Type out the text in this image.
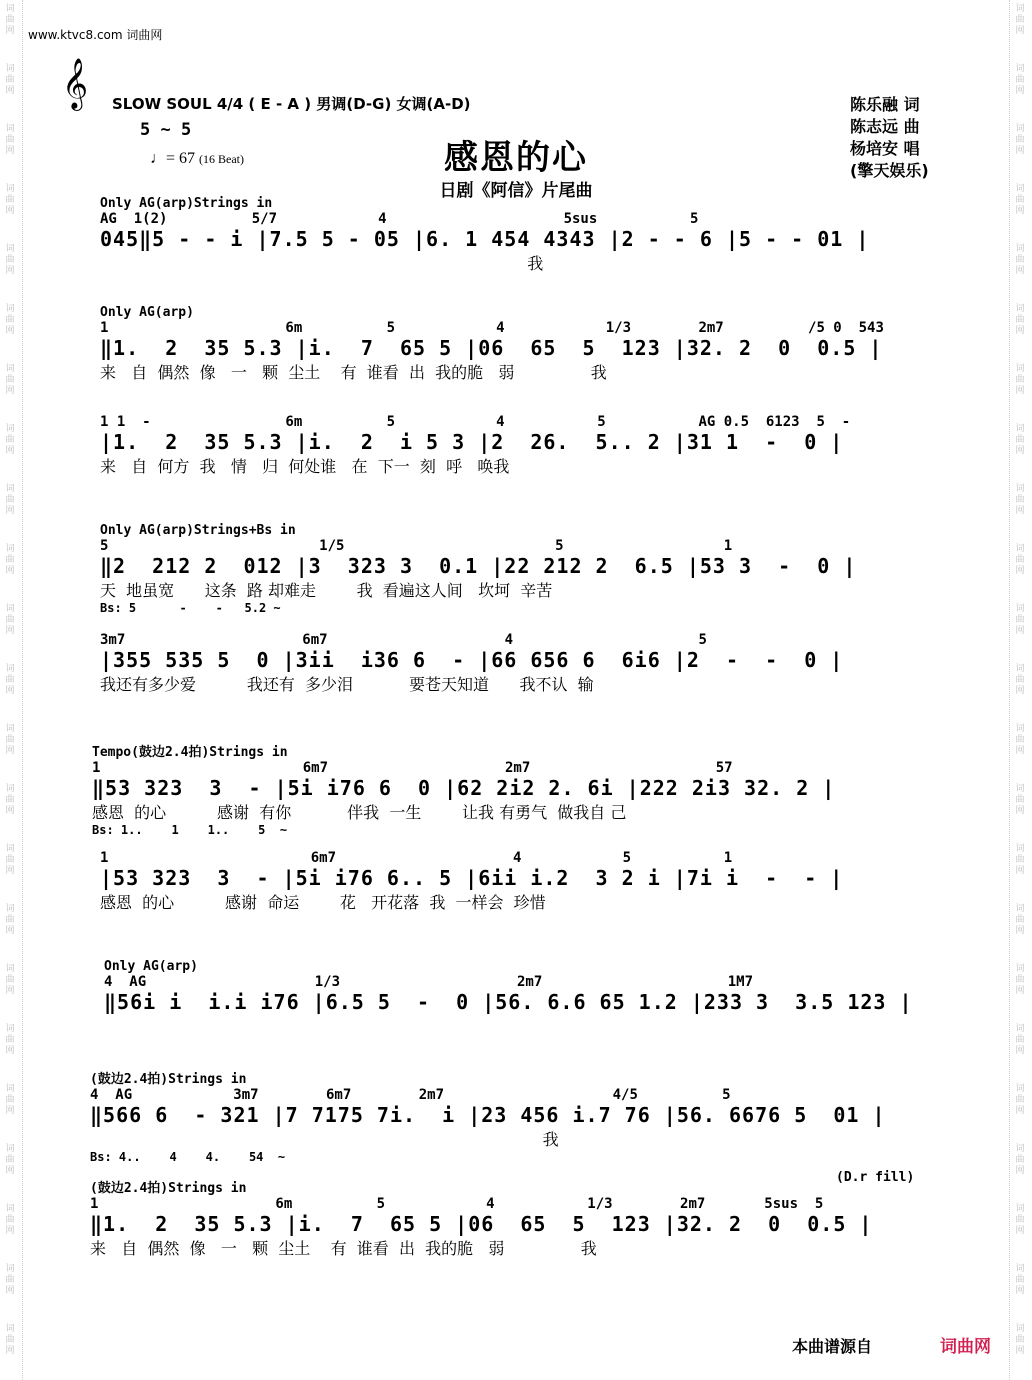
词曲网
词曲网
词曲网
词曲网
词曲网
词曲网
词曲网
词曲网
词曲网
词曲网
词曲网
词曲网
词曲网
词曲网
词曲网
词曲网
词曲网
词曲网
词曲网
词曲网
词曲网
词曲网
词曲网
词曲网
词曲网
词曲网
词曲网
词曲网
词曲网
词曲网
词曲网
词曲网
词曲网
词曲网
词曲网
词曲网
词曲网
词曲网
词曲网
词曲网
词曲网
词曲网
词曲网
词曲网
词曲网
词曲网
www.ktvc8.com 词曲网
𝄞 SLOW SOUL 4/4 ( E - A ) 男调(D-G) 女调(A-D)
5 ~ 5
♩= 67 (16 Beat)	感恩的心
日剧《阿信》片尾曲
陈乐融 词
陈志远 曲
杨培安 唱
(擎天娱乐)
Only AG(arp)Strings in
AG  1(2)          5/7            4                     5sus           5
045‖5 - - i |7.5 5 - 05 |6. 1 454 4343 |2 - - 6 |5 - - 01 |
我
Only AG(arp)
1                     6m          5            4            1/3        2m7          /5 0  543
‖1.  2  35 5.3 |i.  7  65 5 |06  65  5  123 |32. 2  0  0.5 |
来   自  偶然  像   一   颗  尘土    有  谁看  出  我的脆   弱               我
1 1  -                6m          5            4           5           AG 0.5  6123  5  -
|1.  2  35 5.3 |i.  2  i 5 3 |2  26.  5.. 2 |31 1  -  0 |
来   自  何方  我   情   归  何处谁   在  下一  刻  呼   唤我
Only AG(arp)Strings+Bs in
5                         1/5                         5                   1
‖2  212 2  012 |3  323 3  0.1 |22 212 2  6.5 |53 3  -  0 |
天  地虽宽      这条  路 却难走        我  看遍这人间   坎坷  辛苦
Bs: 5      -    -   5.2 ~
3m7                     6m7                     4                      5
|355 535 5  0 |3ii  i36 6  - |66 656 6  6i6 |2  -  -  0 |
我还有多少爱          我还有  多少泪           要苍天知道      我不认  输
Tempo(鼓边2.4拍)Strings in
1                        6m7                     2m7                      57
‖53 323  3  - |5i i76 6  0 |62 2i2 2. 6i |222 2i3 32. 2 |
感恩  的心          感谢  有你           伴我  一生        让我 有勇气  做我自 己
Bs: 1..    1    1..    5  ~
1                        6m7                     4            5           1
|53 323  3  - |5i i76 6.. 5 |6ii i.2  3 2 i |7i i  -  - |
感恩  的心          感谢  命运        花   开花落  我  一样会  珍惜
Only AG(arp)
4  AG                    1/3                     2m7                      1M7
‖56i i  i.i i76 |6.5 5  -  0 |56. 6.6 65 1.2 |233 3  3.5 123 |
(鼓边2.4拍)Strings in
4  AG            3m7        6m7        2m7                    4/5          5
‖566 6  - 321 |7 7175 7i.  i |23 456 i.7 76 |56. 6676 5  01 |
我
Bs: 4..    4    4.    54  ~
(鼓边2.4拍)Strings in
1                     6m          5            4           1/3        2m7       5sus  5
‖1.  2  35 5.3 |i.  7  65 5 |06  65  5  123 |32. 2  0  0.5 |
来   自  偶然  像   一   颗  尘土    有  谁看  出  我的脆   弱               我
(D.r fill)
本曲谱源自	词曲网
